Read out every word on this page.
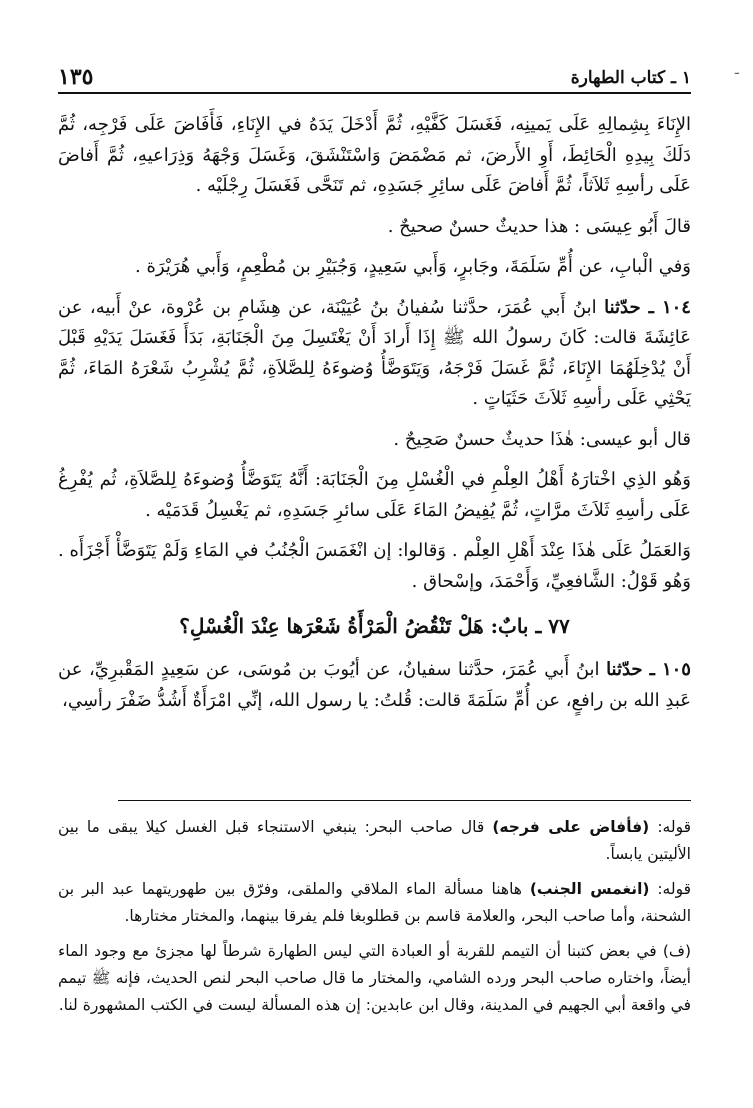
ـ
١ ـ كتاب الطهارة
١٣٥

الإِنَاءَ بِشِمالِهِ عَلَى يَمينِه، فَغَسَلَ كَفَّيْهِ، ثُمَّ أَدْخَلَ يَدَهُ في الإِنَاءِ، فَأَفَاضَ عَلَى فَرْجِه، ثُمَّ دَلَكَ بِيدِهِ الْحَائِطَ، أَوِ الأَرضَ، ثم مَضْمَضَ وَاسْتَنْشَقَ، وَغَسَلَ وَجْهَهُ وَذِرَاعيهِ، ثُمَّ أَفاضَ عَلَى رأسِهِ ثَلاَثاً، ثُمَّ أَفاضَ عَلَى سائِرِ جَسَدِهِ، ثم تَنَحَّى فَغَسَلَ رِجْلَيْه .

قالَ أَبُو عِيسَى : هذا حديثٌ حسنٌ صحيحٌ .

وَفي الْبابِ، عن أُمِّ سَلَمَةَ، وجَابرٍ، وَأَبي سَعِيدٍ، وَجُبَيْرِ بن مُطْعِمٍ، وَأَبي هُرَيْرَة .

١٠٤ ـ حدّثنا ابنُ أَبي عُمَرَ، حدَّثنا سُفيانُ بنُ عُيَيْنَة، عن هِشَامِ بن عُرْوة، عنْ أَبيه، عن عَائِشَةَ قالت: كَانَ رسولُ الله ﷺ إِذَا أَرادَ أَنْ يَغْتَسِلَ مِنَ الْجَنَابَةِ، بَدَأَ فَغَسَلَ يَدَيْهِ قَبْلَ أَنْ يُدْخِلَهُمَا الإِنَاءَ، ثُمَّ غَسَلَ فَرْجَهُ، وَيَتَوَضَّأُ وُضوءَهُ لِلصَّلاَةِ، ثُمَّ يُشْرِبُ شَعْرَهُ المَاءَ، ثُمَّ يَحْثِي عَلَى رأسِهِ ثَلاَثَ حَثَيَاتٍ .

قال أبو عيسى: هٰذَا حديثٌ حسنٌ صَحِيحٌ .

وَهُو الذِي اخْتارَهُ أَهْلُ العِلْمِ في الْغُسْلِ مِنَ الْجَنَابَة: أَنَّهُ يَتَوَضَّأُ وُضوءَهُ لِلصَّلاَةِ، ثُم يُفْرِغُ عَلَى رأسِهِ ثَلاَثَ مرَّاتٍ، ثُمَّ يُفِيضُ المَاءَ عَلَى سائرِ جَسَدِهِ، ثم يَغْسِلُ قَدَمَيْه .

وَالعَمَلُ عَلَى هٰذَا عِنْدَ أَهْلِ العِلْم . وَقالوا: إن انْغَمَسَ الْجُنُبُ في المَاءِ وَلَمْ يَتَوَضَّأْ أَجْزَأَه . وَهُو قَوْلُ: الشَّافعِيِّ، وَأَحْمَدَ، وإسْحاق .

٧٧ ـ بابٌ: هَلْ تَنْقُضُ الْمَرْأَةُ شَعْرَها عِنْدَ الْغُسْلِ؟

١٠٥ ـ حدّثنا ابنُ أَبي عُمَرَ، حدَّثنا سفيانُ، عن أيُوبَ بن مُوسَى، عن سَعِيدٍ المَقْبرِيِّ، عن عَبدِ الله بن رافعٍ، عن أُمِّ سَلَمَةَ قالت: قُلتُ: يا رسول الله، إنِّي امْرَأَةٌ أَشُدُّ ضَفْرَ رأسِي،

قوله: (فأفاض على فرجه) قال صاحب البحر: ينبغي الاستنجاء قبل الغسل كيلا يبقى ما بين الأليتين يابساً.

قوله: (انغمس الجنب) هاهنا مسألة الماء الملاقي والملقى، وفرّق بين طهوريتهما عبد البر بن الشحنة، وأما صاحب البحر، والعلامة قاسم بن قطلوبغا فلم يفرقا بينهما، والمختار مختارها.

(ف) في بعض كتبنا أن التيمم للقربة أو العبادة التي ليس الطهارة شرطاً لها مجزئ مع وجود الماء أيضاً، واختاره صاحب البحر ورده الشامي، والمختار ما قال صاحب البحر لنص الحديث، فإنه ﷺ تيمم في واقعة أبي الجهيم في المدينة، وقال ابن عابدين: إن هذه المسألة ليست في الكتب المشهورة لنا.
